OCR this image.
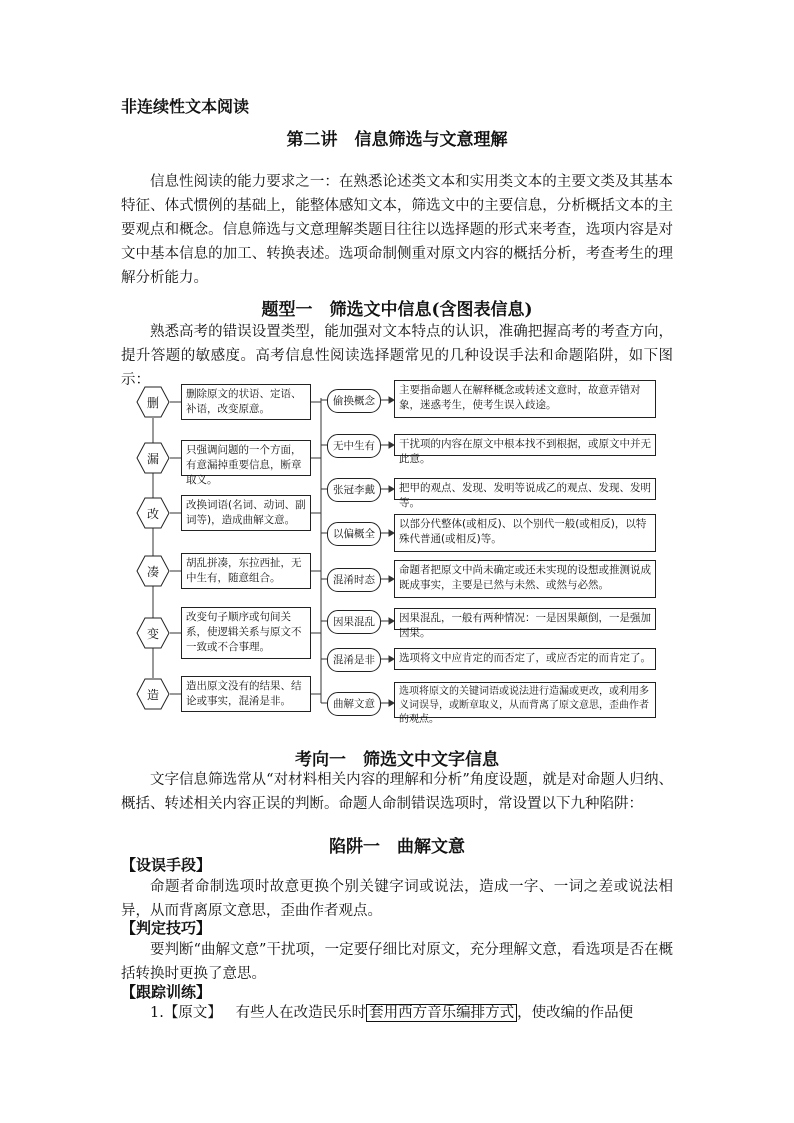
非连续性文本阅读
第二讲　信息筛选与文意理解
信息性阅读的能力要求之一：在熟悉论述类文本和实用类文本的主要文类及其基本特征、体式惯例的基础上，能整体感知文本，筛选文中的主要信息，分析概括文本的主要观点和概念。信息筛选与文意理解类题目往往以选择题的形式来考查，选项内容是对文中基本信息的加工、转换表述。选项命制侧重对原文内容的概括分析，考查考生的理解分析能力。
题型一　筛选文中信息(含图表信息)
熟悉高考的错误设置类型，能加强对文本特点的认识，准确把握高考的考查方向，提升答题的敏感度。高考信息性阅读选择题常见的几种设误手法和命题陷阱，如下图示：
删
删除原文的状语、定语、补语，改变原意。
漏
只强调问题的一个方面，有意漏掉重要信息，断章取义。
改
改换词语(名词、动词、副词等)，造成曲解文意。
凑
胡乱拼凑，东拉西扯，无中生有，随意组合。
变
改变句子顺序或句间关系，使逻辑关系与原文不一致或不合事理。
造
造出原文没有的结果、结论或事实，混淆是非。
偷换概念
主要指命题人在解释概念或转述文意时，故意弄错对象，迷惑考生，使考生误入歧途。
无中生有	干扰项的内容在原文中根本找不到根据，或原文中并无此意。
张冠李戴	把甲的观点、发现、发明等说成乙的观点、发现、发明等。
以偏概全
以部分代整体(或相反)、以个别代一般(或相反)，以特殊代普通(或相反)等。
混淆时态
命题者把原文中尚未确定或还未实现的设想或推测说成既成事实，主要是已然与未然、或然与必然。
因果混乱	因果混乱，一般有两种情况：一是因果颠倒，一是强加因果。
混淆是非	选项将文中应肯定的而否定了，或应否定的而肯定了。
曲解文意
选项将原文的关键词语或说法进行造漏或更改，或利用多义词误导，或断章取义，从而背离了原文意思，歪曲作者的观点。
考向一　筛选文中文字信息
文字信息筛选常从“对材料相关内容的理解和分析”角度设题，就是对命题人归纳、概括、转述相关内容正误的判断。命题人命制错误选项时，常设置以下九种陷阱：
陷阱一　曲解文意
【设误手段】
命题者命制选项时故意更换个别关键字词或说法，造成一字、一词之差或说法相异，从而背离原文意思，歪曲作者观点。
【判定技巧】
要判断“曲解文意”干扰项，一定要仔细比对原文，充分理解文意，看选项是否在概括转换时更换了意思。
【跟踪训练】
1.【原文】 有些人在改造民乐时 套用西方音乐编排方式 ，使改编的作品便
